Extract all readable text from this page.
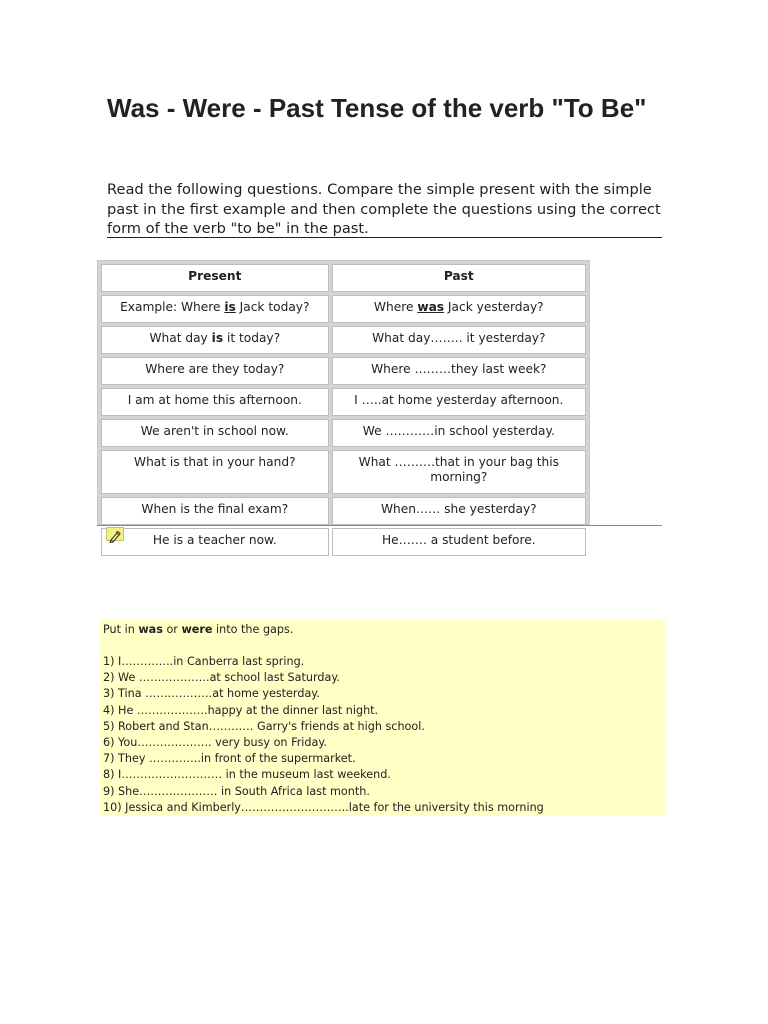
Was - Were - Past Tense of the verb "To Be"

Read the following questions. Compare the simple present with the simple past in the first example and then complete the questions using the correct form of the verb "to be" in the past.

Present	Past
Example: Where is Jack today?	Where was Jack yesterday?
What day is it today?	What day…….. it yesterday?
Where are they today?	Where ………they last week?
I am at home this afternoon.	I …..at home yesterday afternoon.
We aren't in school now.	We …………in school yesterday.
What is that in your hand?	What ……….that in your bag this morning?
When is the final exam?	When…… she yesterday?
He is a teacher now.	He……. a student before.

Put in was or were into the gaps.

1) I…………..in Canberra last spring.
2) We ……………….at school last Saturday.
3) Tina ………………at home yesterday.
4) He ……………….happy at the dinner last night.
5) Robert and Stan………… Garry's friends at high school.
6) You……………….. very busy on Friday.
7) They …………..in front of the supermarket.
8) I……………………… in the museum last weekend.
9) She………………… in South Africa last month.
10) Jessica and Kimberly………………………..late for the university this morning
